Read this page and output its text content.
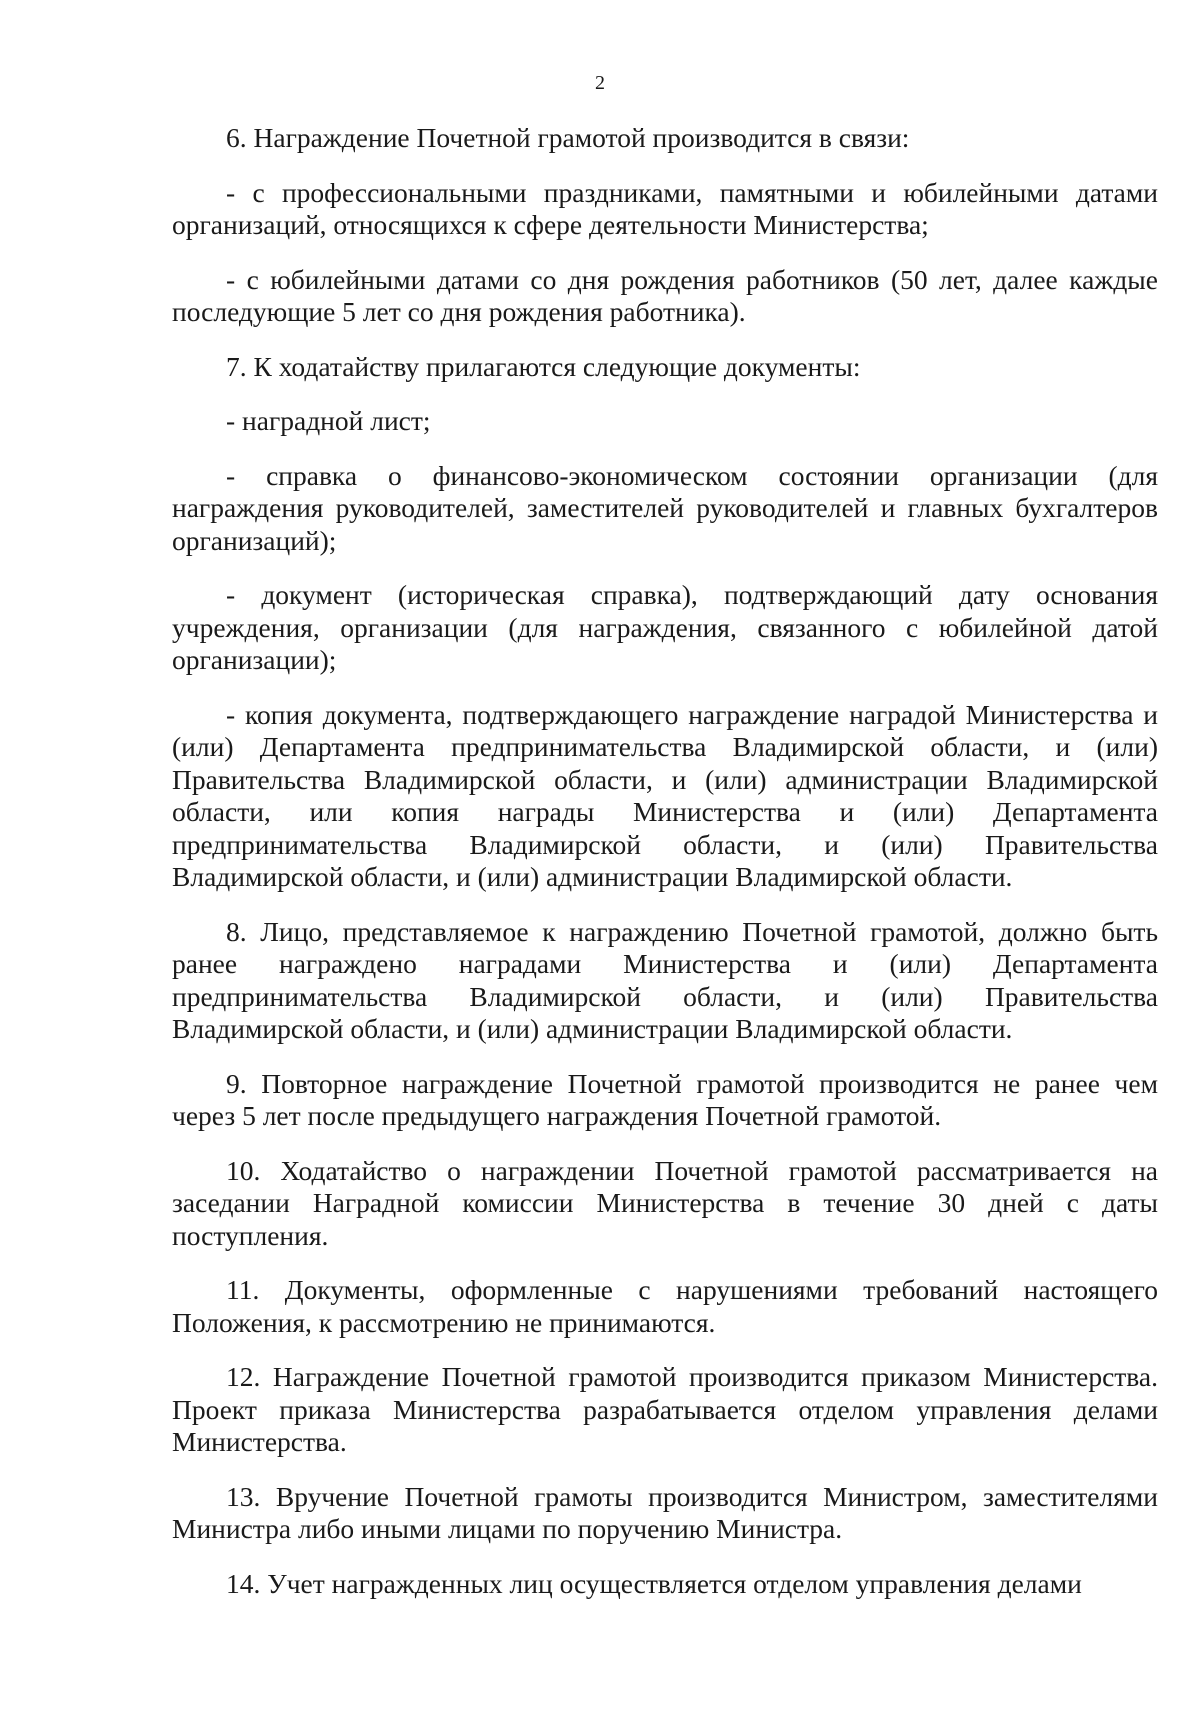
2

6. Награждение Почетной грамотой производится в связи:

- с профессиональными праздниками, памятными и юбилейными датами организаций, относящихся к сфере деятельности Министерства;

- с юбилейными датами со дня рождения работников (50 лет, далее каждые последующие 5 лет со дня рождения работника).

7. К ходатайству прилагаются следующие документы:

- наградной лист;

- справка о финансово-экономическом состоянии организации (для награждения руководителей, заместителей руководителей и главных бухгалтеров организаций);

- документ (историческая справка), подтверждающий дату основания учреждения, организации (для награждения, связанного с юбилейной датой организации);

- копия документа, подтверждающего награждение наградой Министерства и (или) Департамента предпринимательства Владимирской области, и (или) Правительства Владимирской области, и (или) администрации Владимирской области, или копия награды Министерства и (или) Департамента предпринимательства Владимирской области, и (или) Правительства Владимирской области, и (или) администрации Владимирской области.

8. Лицо, представляемое к награждению Почетной грамотой, должно быть ранее награждено наградами Министерства и (или) Департамента предпринимательства Владимирской области, и (или) Правительства Владимирской области, и (или) администрации Владимирской области.

9. Повторное награждение Почетной грамотой производится не ранее чем через 5 лет после предыдущего награждения Почетной грамотой.

10. Ходатайство о награждении Почетной грамотой рассматривается на заседании Наградной комиссии Министерства в течение 30 дней с даты поступления.

11. Документы, оформленные с нарушениями требований настоящего Положения, к рассмотрению не принимаются.

12. Награждение Почетной грамотой производится приказом Министерства. Проект приказа Министерства разрабатывается отделом управления делами Министерства.

13. Вручение Почетной грамоты производится Министром, заместителями Министра либо иными лицами по поручению Министра.

14. Учет награжденных лиц осуществляется отделом управления делами
